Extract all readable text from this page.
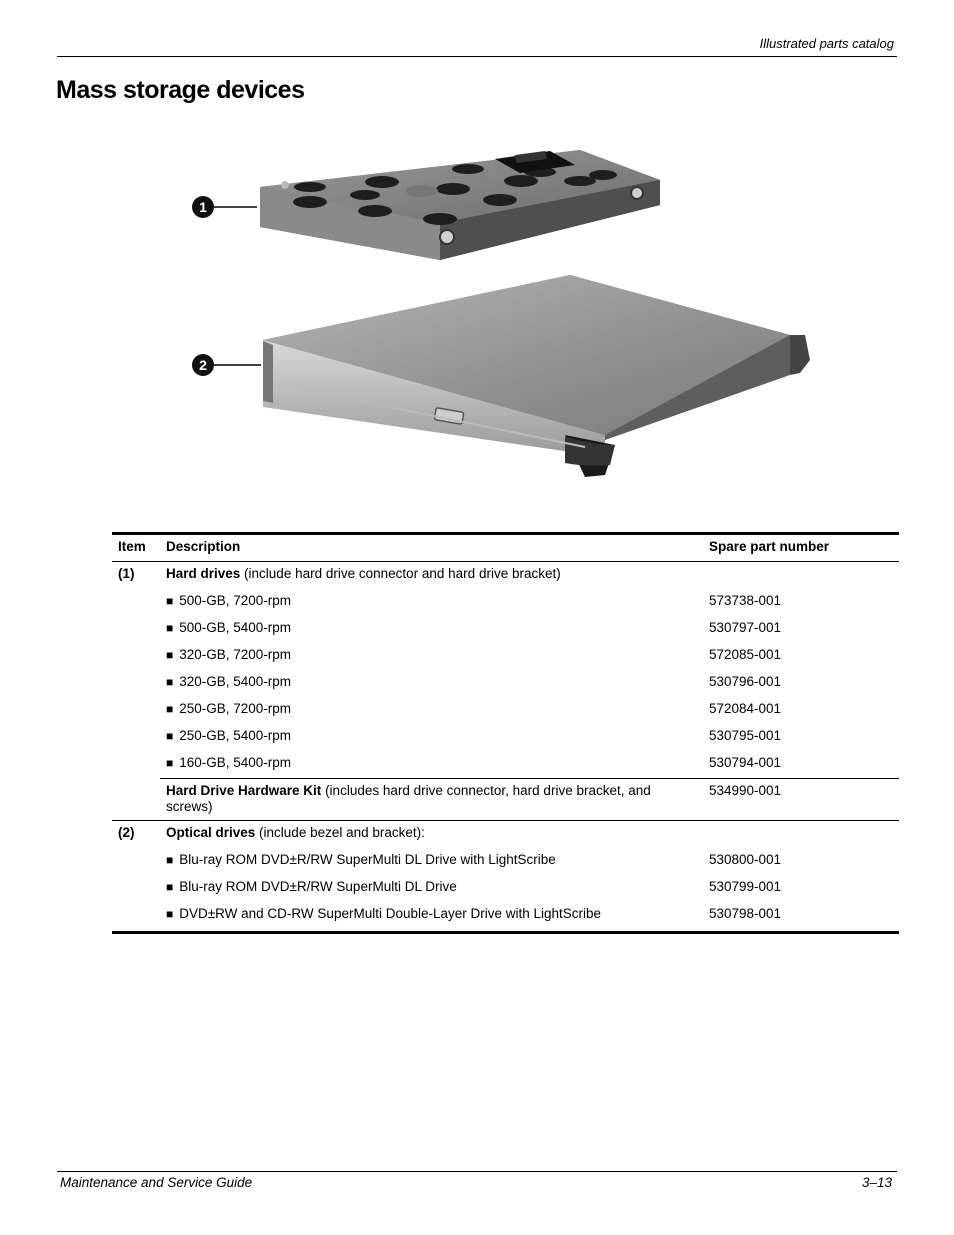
Illustrated parts catalog
Mass storage devices
1
2
Item	Description	Spare part number
(1)	Hard drives (include hard drive connector and hard drive bracket)	
	■ 500-GB, 7200-rpm	573738-001
	■ 500-GB, 5400-rpm	530797-001
	■ 320-GB, 7200-rpm	572085-001
	■ 320-GB, 5400-rpm	530796-001
	■ 250-GB, 7200-rpm	572084-001
	■ 250-GB, 5400-rpm	530795-001
	■ 160-GB, 5400-rpm	530794-001
	Hard Drive Hardware Kit (includes hard drive connector, hard drive bracket, and screws)	534990-001
(2)	Optical drives (include bezel and bracket):	
	■ Blu-ray ROM DVD±R/RW SuperMulti DL Drive with LightScribe	530800-001
	■ Blu-ray ROM DVD±R/RW SuperMulti DL Drive	530799-001
	■ DVD±RW and CD-RW SuperMulti Double-Layer Drive with LightScribe	530798-001
Maintenance and Service Guide	3–13
